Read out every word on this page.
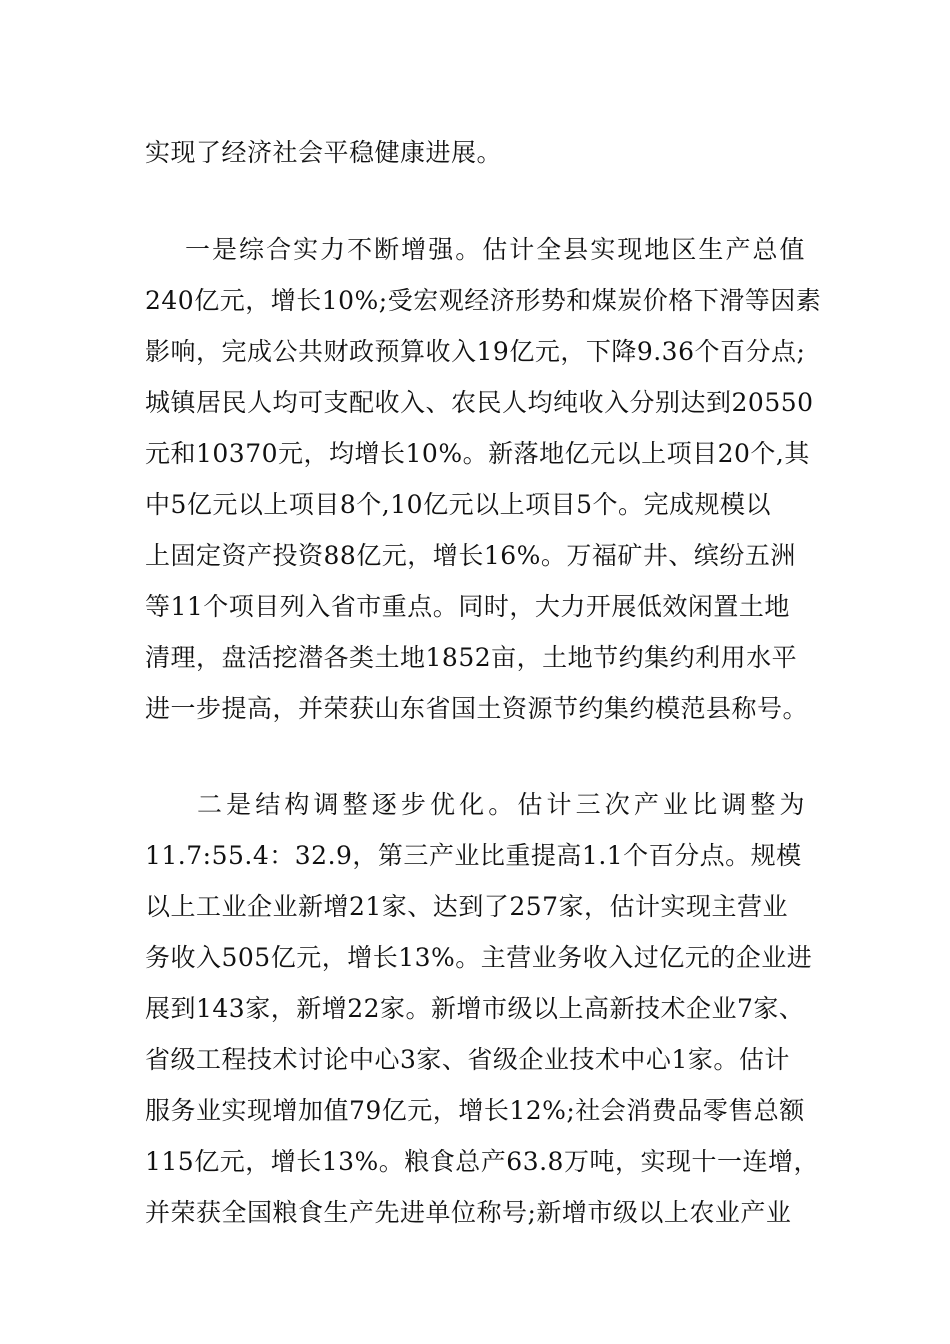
实现了经济社会平稳健康进展。
一是综合实力不断增强。估计全县实现地区生产总值
240亿元，增长10%;受宏观经济形势和煤炭价格下滑等因素
影响，完成公共财政预算收入19亿元，下降9.36个百分点;
城镇居民人均可支配收入、农民人均纯收入分别达到20550
元和10370元，均增长10%。新落地亿元以上项目20个,其
中5亿元以上项目8个,10亿元以上项目5个。完成规模以
上固定资产投资88亿元，增长16%。万福矿井、缤纷五洲
等11个项目列入省市重点。同时，大力开展低效闲置土地
清理，盘活挖潜各类土地1852亩，土地节约集约利用水平
进一步提高，并荣获山东省国土资源节约集约模范县称号。
二是结构调整逐步优化。估计三次产业比调整为
11.7:55.4：32.9，第三产业比重提高1.1个百分点。规模
以上工业企业新增21家、达到了257家，估计实现主营业
务收入505亿元，增长13%。主营业务收入过亿元的企业进
展到143家，新增22家。新增市级以上高新技术企业7家、
省级工程技术讨论中心3家、省级企业技术中心1家。估计
服务业实现增加值79亿元，增长12%;社会消费品零售总额
115亿元，增长13%。粮食总产63.8万吨，实现十一连增，
并荣获全国粮食生产先进单位称号;新增市级以上农业产业
